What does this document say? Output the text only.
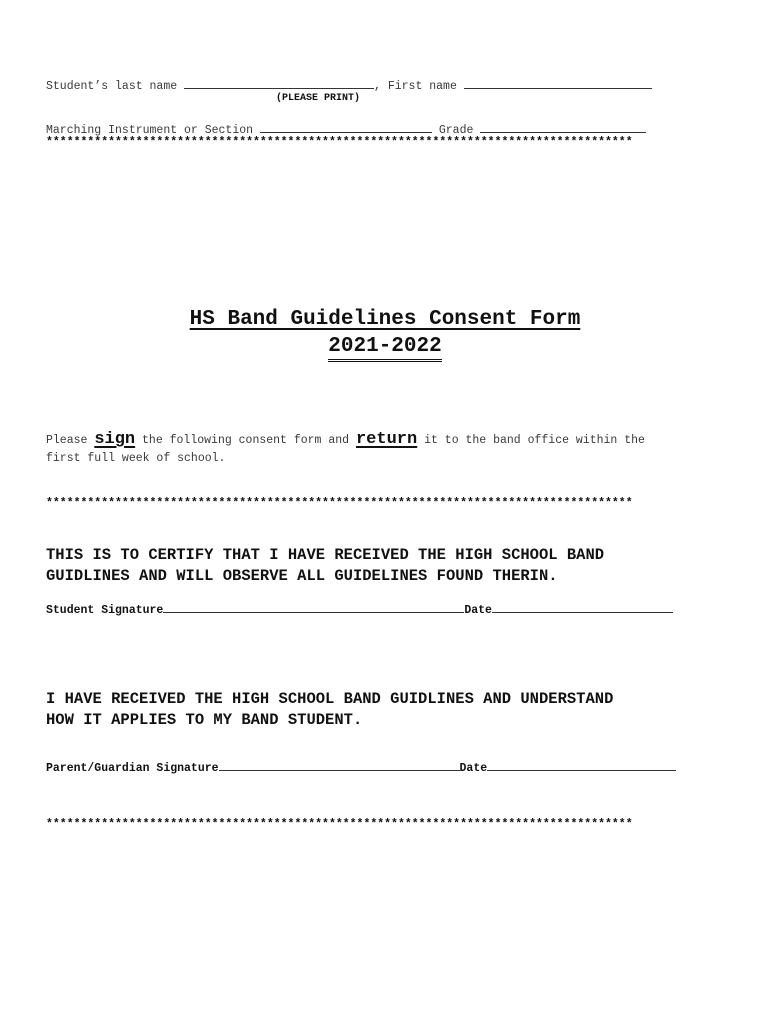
Student’s last name	, First name
(PLEASE PRINT)
Marching Instrument or Section	Grade
*************************************************************************************
HS Band Guidelines Consent Form
2021-2022
Please sign the following consent form and return it to the band office within the
first full week of school.
*************************************************************************************
THIS IS TO CERTIFY THAT I HAVE RECEIVED THE HIGH SCHOOL BAND
GUIDLINES AND WILL OBSERVE ALL GUIDELINES FOUND THERIN.
Student Signature	Date
I HAVE RECEIVED THE HIGH SCHOOL BAND GUIDLINES AND UNDERSTAND
HOW IT APPLIES TO MY BAND STUDENT.
Parent/Guardian Signature	Date
*************************************************************************************
